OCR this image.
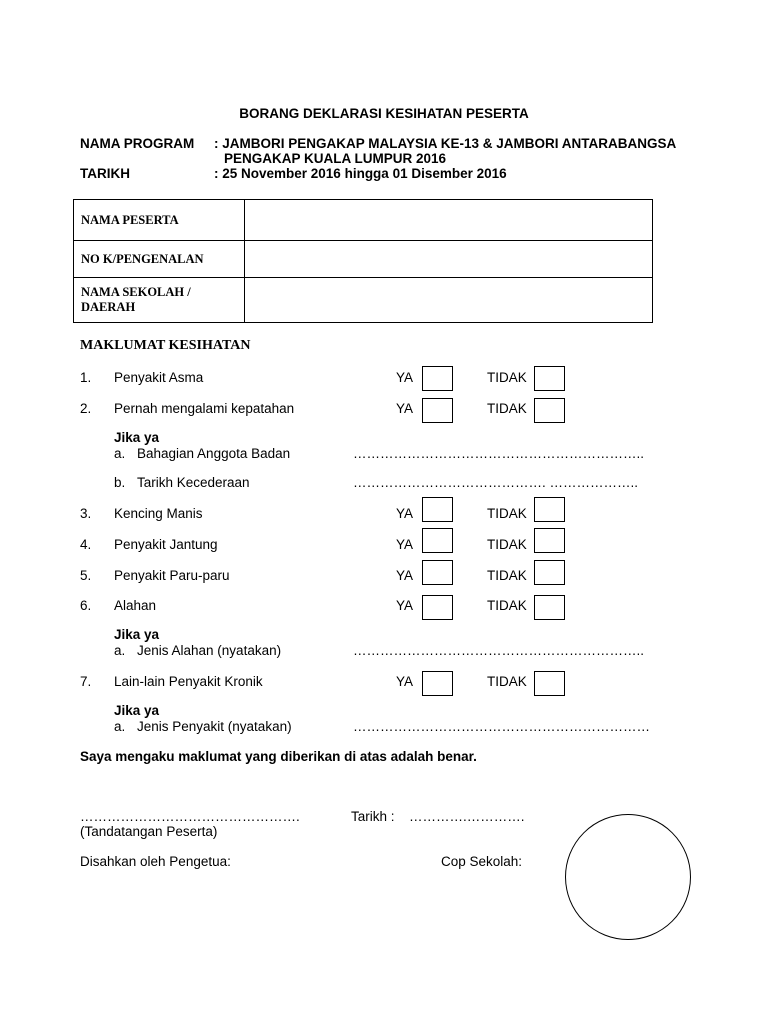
BORANG DEKLARASI KESIHATAN PESERTA
NAMA PROGRAM : JAMBORI PENGAKAP MALAYSIA KE-13 & JAMBORI ANTARABANGSA
PENGAKAP KUALA LUMPUR 2016
TARIKH	: 25 November 2016 hingga 01 Disember 2016
NAMA PESERTA	
NO K/PENGENALAN	

NAMA SEKOLAH /
DAERAH	

MAKLUMAT KESIHATAN
1. Penyakit Asma	YA	TIDAK
2. Pernah mengalami kepatahan	YA	TIDAK
Jika ya
a. Bahagian Anggota Badan	………………………………………………………..
b. Tarikh Kecederaan	……………………………………. ………………..
3. Kencing Manis	YA	TIDAK
4. Penyakit Jantung	YA	TIDAK
5. Penyakit Paru-paru	YA	TIDAK
6. Alahan	YA	TIDAK
Jika ya
a. Jenis Alahan (nyatakan)	………………………………………………………..
7. Lain-lain Penyakit Kronik	YA	TIDAK
Jika ya
a. Jenis Penyakit (nyatakan)	…………………………………………………………
Saya mengaku maklumat yang diberikan di atas adalah benar.
………………………………………….
(Tandatangan Peserta)
Tarikh : ………….………….
Disahkan oleh Pengetua:	Cop Sekolah:
